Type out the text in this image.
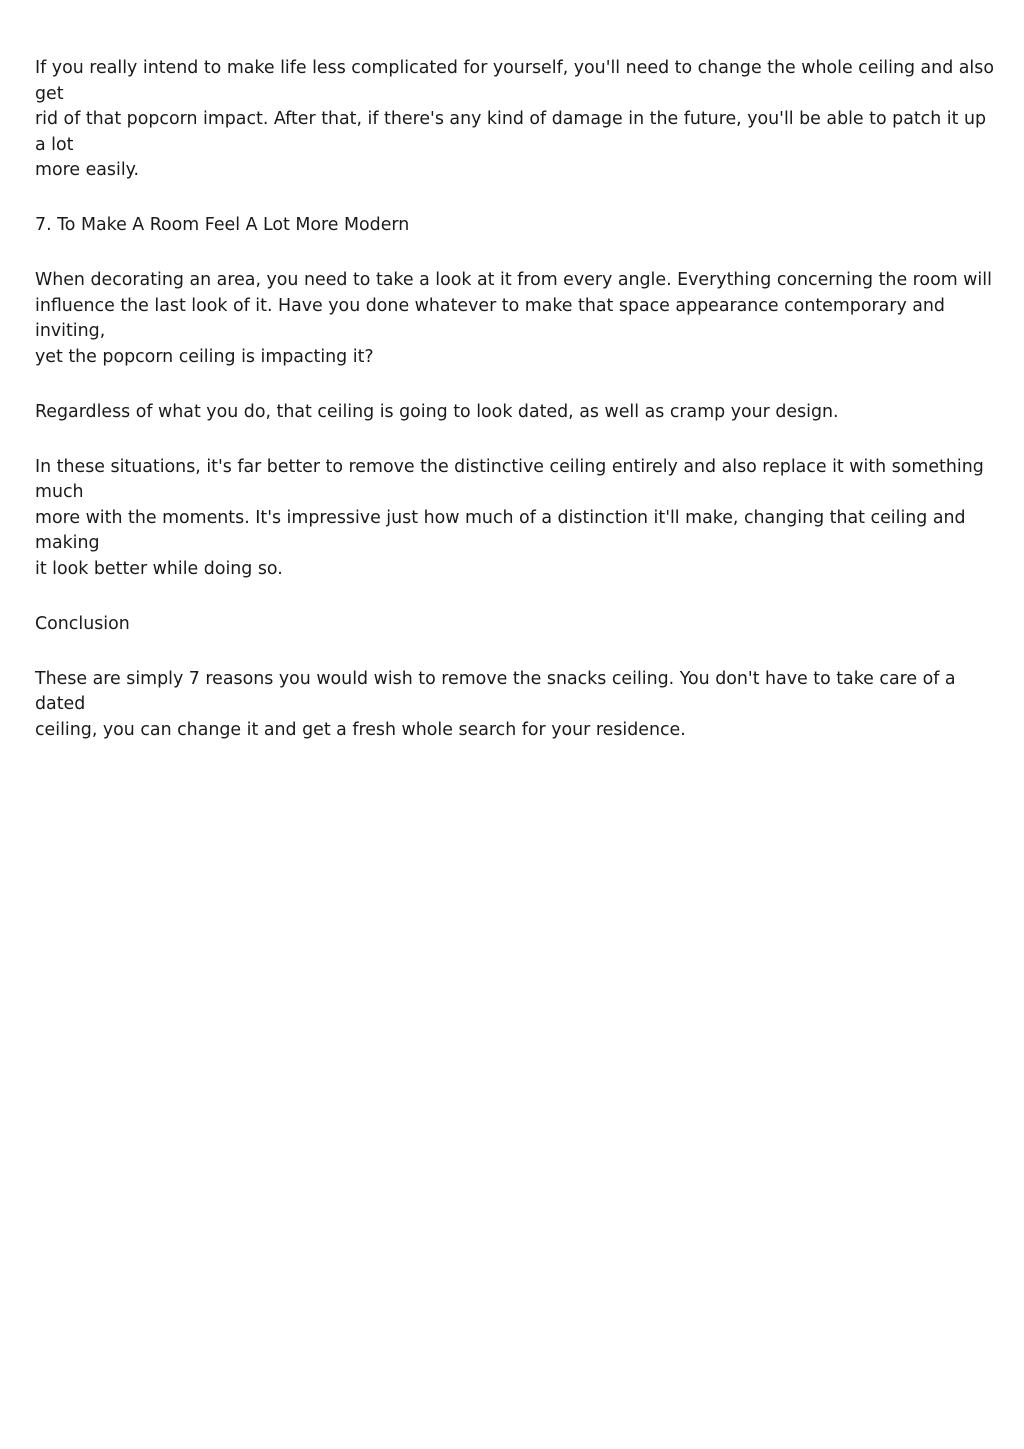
If you really intend to make life less complicated for yourself, you'll need to change the whole ceiling and also get
rid of that popcorn impact. After that, if there's any kind of damage in the future, you'll be able to patch it up a lot
more easily.

7. To Make A Room Feel A Lot More Modern

When decorating an area, you need to take a look at it from every angle. Everything concerning the room will
influence the last look of it. Have you done whatever to make that space appearance contemporary and inviting,
yet the popcorn ceiling is impacting it?

Regardless of what you do, that ceiling is going to look dated, as well as cramp your design.

In these situations, it's far better to remove the distinctive ceiling entirely and also replace it with something much
more with the moments. It's impressive just how much of a distinction it'll make, changing that ceiling and making
it look better while doing so.

Conclusion

These are simply 7 reasons you would wish to remove the snacks ceiling. You don't have to take care of a dated
ceiling, you can change it and get a fresh whole search for your residence.
